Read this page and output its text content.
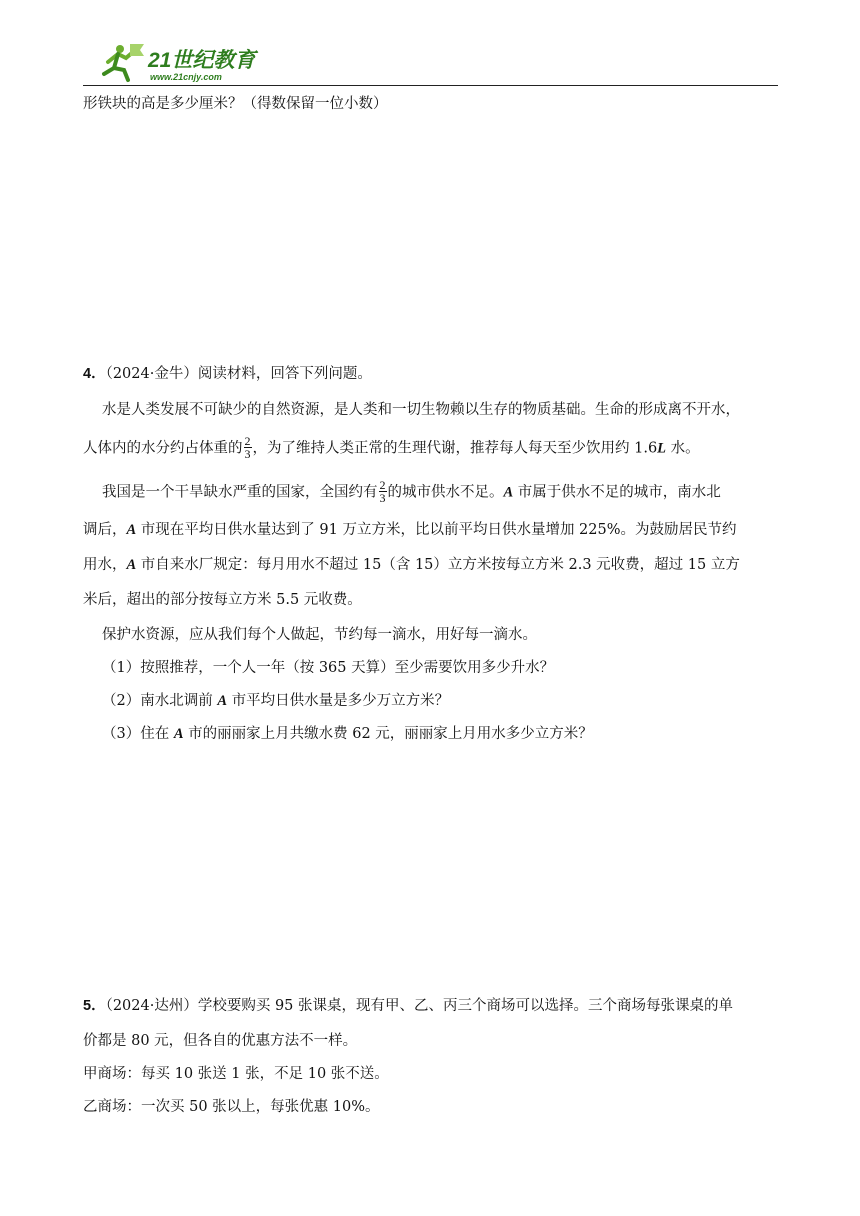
21世纪教育
www.21cnjy.com
形铁块的高是多少厘米？（得数保留一位小数）
4．（2024·金牛）阅读材料，回答下列问题。
水是人类发展不可缺少的自然资源，是人类和一切生物赖以生存的物质基础。生命的形成离不开水，
人体内的水分约占体重的 $\frac{2}{3}$ ，为了维持人类正常的生理代谢，推荐每人每天至少饮用约 1.6L 水。
我国是一个干旱缺水严重的国家，全国约有 $\frac{2}{3}$ 的城市供水不足。A 市属于供水不足的城市，南水北
调后，A 市现在平均日供水量达到了 91 万立方米，比以前平均日供水量增加 225%。为鼓励居民节约
用水，A 市自来水厂规定：每月用水不超过 15（含 15）立方米按每立方米 2.3 元收费，超过 15 立方
米后，超出的部分按每立方米 5.5 元收费。
保护水资源，应从我们每个人做起，节约每一滴水，用好每一滴水。
（1）按照推荐，一个人一年（按 365 天算）至少需要饮用多少升水？
（2）南水北调前 A 市平均日供水量是多少万立方米？
（3）住在 A 市的丽丽家上月共缴水费 62 元，丽丽家上月用水多少立方米？
5．（2024·达州）学校要购买 95 张课桌，现有甲、乙、丙三个商场可以选择。三个商场每张课桌的单
价都是 80 元，但各自的优惠方法不一样。
甲商场：每买 10 张送 1 张，不足 10 张不送。
乙商场：一次买 50 张以上，每张优惠 10%。
